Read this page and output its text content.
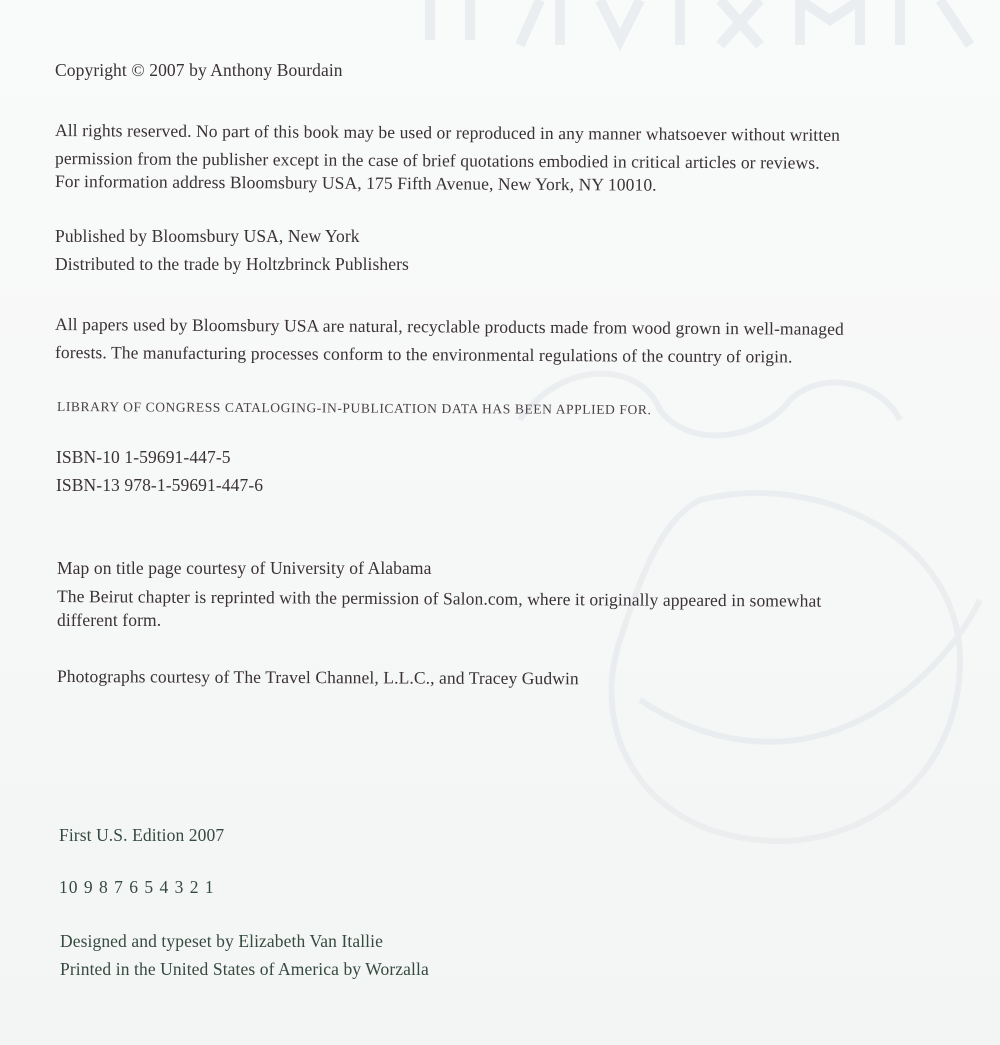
Copyright © 2007 by Anthony Bourdain
All rights reserved. No part of this book may be used or reproduced in any manner whatsoever without written
permission from the publisher except in the case of brief quotations embodied in critical articles or reviews.
For information address Bloomsbury USA, 175 Fifth Avenue, New York, NY 10010.
Published by Bloomsbury USA, New York
Distributed to the trade by Holtzbrinck Publishers
All papers used by Bloomsbury USA are natural, recyclable products made from wood grown in well-managed
forests. The manufacturing processes conform to the environmental regulations of the country of origin.
LIBRARY OF CONGRESS CATALOGING-IN-PUBLICATION DATA HAS BEEN APPLIED FOR.
ISBN-10 1-59691-447-5
ISBN-13 978-1-59691-447-6
Map on title page courtesy of University of Alabama
The Beirut chapter is reprinted with the permission of Salon.com, where it originally appeared in somewhat
different form.
Photographs courtesy of The Travel Channel, L.L.C., and Tracey Gudwin
First U.S. Edition 2007
10 9 8 7 6 5 4 3 2 1
Designed and typeset by Elizabeth Van Itallie
Printed in the United States of America by Worzalla
